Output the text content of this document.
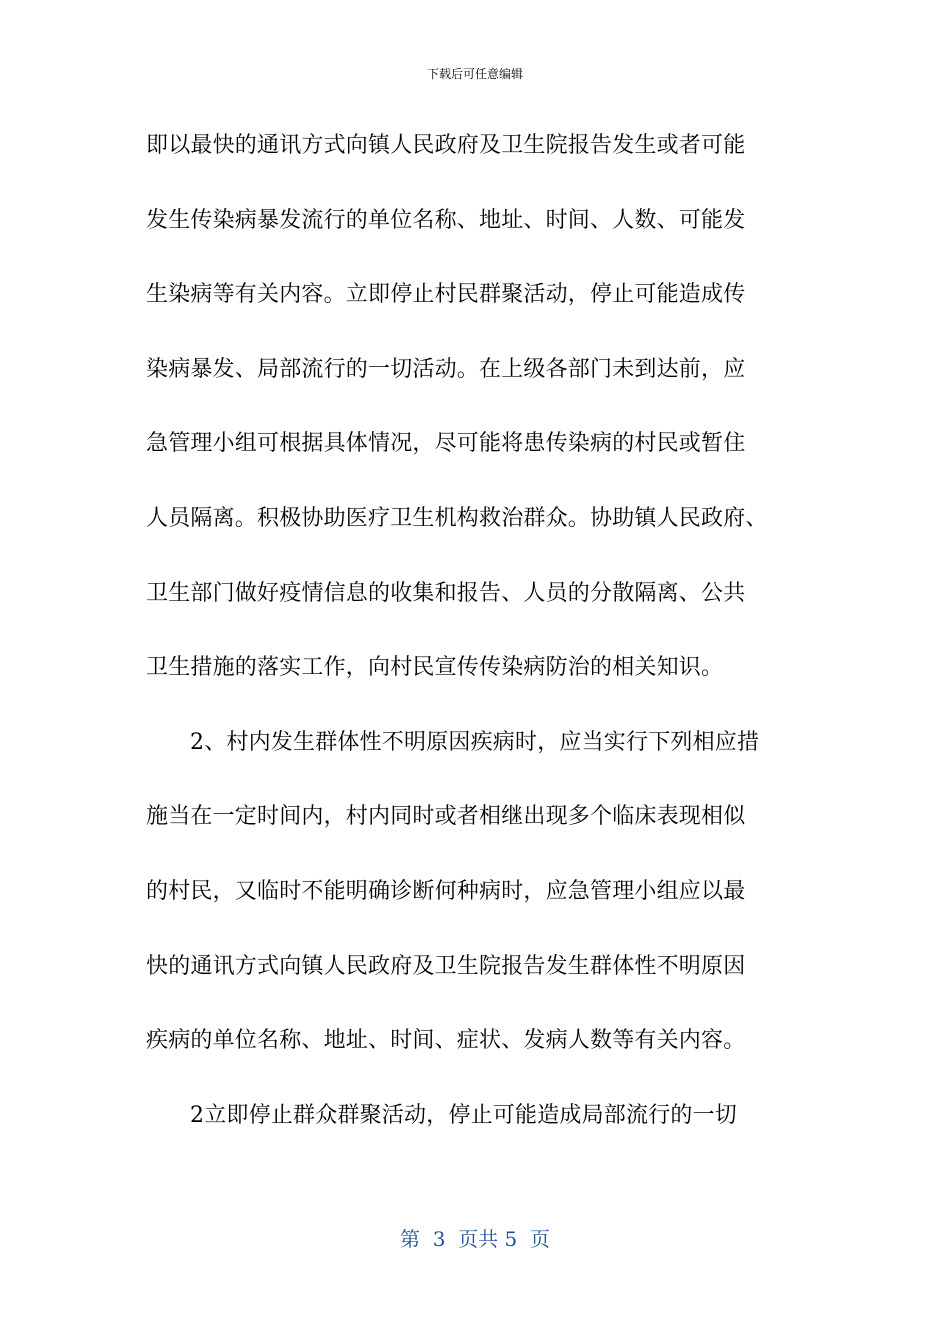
下载后可任意编辑
即以最快的通讯方式向镇人民政府及卫生院报告发生或者可能
发生传染病暴发流行的单位名称、地址、时间、人数、可能发
生染病等有关内容。立即停止村民群聚活动，停止可能造成传
染病暴发、局部流行的一切活动。在上级各部门未到达前，应
急管理小组可根据具体情况，尽可能将患传染病的村民或暂住
人员隔离。积极协助医疗卫生机构救治群众。协助镇人民政府、
卫生部门做好疫情信息的收集和报告、人员的分散隔离、公共
卫生措施的落实工作，向村民宣传传染病防治的相关知识。
2、村内发生群体性不明原因疾病时，应当实行下列相应措
施当在一定时间内，村内同时或者相继出现多个临床表现相似
的村民，又临时不能明确诊断何种病时，应急管理小组应以最
快的通讯方式向镇人民政府及卫生院报告发生群体性不明原因
疾病的单位名称、地址、时间、症状、发病人数等有关内容。
2立即停止群众群聚活动，停止可能造成局部流行的一切
第  3  页共 5  页
